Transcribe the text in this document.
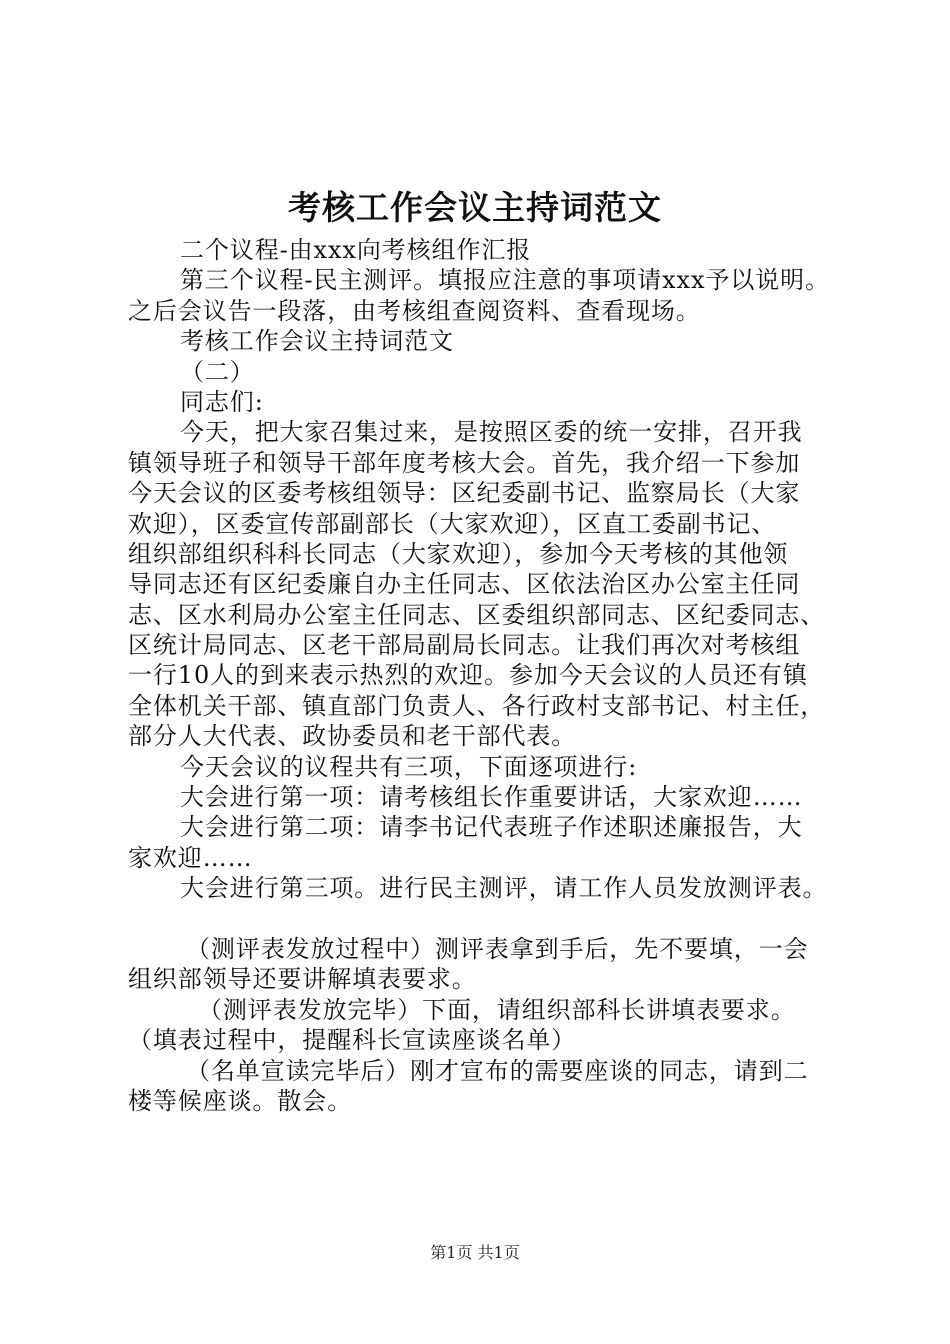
考核工作会议主持词范文
二个议程-由xxx向考核组作汇报
第三个议程-民主测评。填报应注意的事项请xxx予以说明。
之后会议告一段落，由考核组查阅资料、查看现场。
考核工作会议主持词范文
（二）
同志们:
今天，把大家召集过来，是按照区委的统一安排，召开我
镇领导班子和领导干部年度考核大会。首先，我介绍一下参加
今天会议的区委考核组领导：区纪委副书记、监察局长（大家
欢迎），区委宣传部副部长（大家欢迎），区直工委副书记、
组织部组织科科长同志（大家欢迎），参加今天考核的其他领
导同志还有区纪委廉自办主任同志、区依法治区办公室主任同
志、区水利局办公室主任同志、区委组织部同志、区纪委同志、
区统计局同志、区老干部局副局长同志。让我们再次对考核组
一行10人的到来表示热烈的欢迎。参加今天会议的人员还有镇
全体机关干部、镇直部门负责人、各行政村支部书记、村主任，
部分人大代表、政协委员和老干部代表。
今天会议的议程共有三项，下面逐项进行:
大会进行第一项：请考核组长作重要讲话，大家欢迎……
大会进行第二项：请李书记代表班子作述职述廉报告，大
家欢迎……
大会进行第三项。进行民主测评，请工作人员发放测评表。
（测评表发放过程中）测评表拿到手后，先不要填，一会
组织部领导还要讲解填表要求。
（测评表发放完毕）下面，请组织部科长讲填表要求。
（填表过程中，提醒科长宣读座谈名单）
（名单宣读完毕后）刚才宣布的需要座谈的同志，请到二
楼等候座谈。散会。
第1页 共1页
